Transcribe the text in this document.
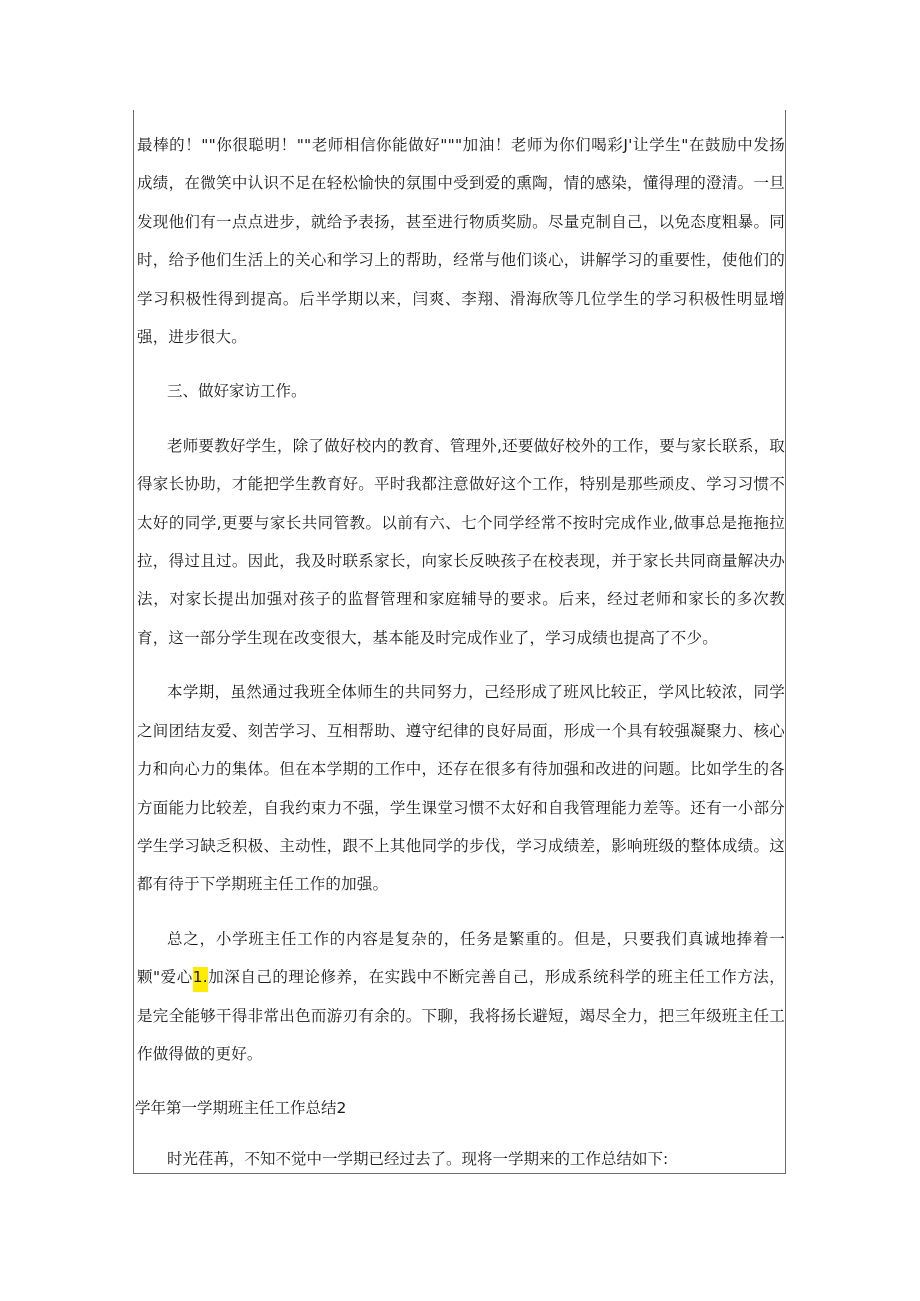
最棒的！""你很聪明！""老师相信你能做好"""加油！老师为你们喝彩J'让学生"在鼓励中发扬成绩，在微笑中认识不足在轻松愉快的氛围中受到爱的熏陶，情的感染，懂得理的澄清。一旦发现他们有一点点进步，就给予表扬，甚至进行物质奖励。尽量克制自己，以免态度粗暴。同时，给予他们生活上的关心和学习上的帮助，经常与他们谈心，讲解学习的重要性，使他们的学习积极性得到提高。后半学期以来，闫爽、李翔、滑海欣等几位学生的学习积极性明显增强，进步很大。

三、做好家访工作。

老师要教好学生，除了做好校内的教育、管理外,还要做好校外的工作，要与家长联系，取得家长协助，才能把学生教育好。平时我都注意做好这个工作，特别是那些顽皮、学习习惯不太好的同学,更要与家长共同管教。以前有六、七个同学经常不按时完成作业,做事总是拖拖拉拉，得过且过。因此，我及时联系家长，向家长反映孩子在校表现，并于家长共同商量解决办法，对家长提出加强对孩子的监督管理和家庭辅导的要求。后来，经过老师和家长的多次教育，这一部分学生现在改变很大，基本能及时完成作业了，学习成绩也提高了不少。

本学期，虽然通过我班全体师生的共同努力，己经形成了班风比较正，学风比较浓，同学之间团结友爱、刻苦学习、互相帮助、遵守纪律的良好局面，形成一个具有较强凝聚力、核心力和向心力的集体。但在本学期的工作中，还存在很多有待加强和改进的问题。比如学生的各方面能力比较差，自我约束力不强，学生课堂习惯不太好和自我管理能力差等。还有一小部分学生学习缺乏积极、主动性，跟不上其他同学的步伐，学习成绩差，影响班级的整体成绩。这都有待于下学期班主任工作的加强。

总之，小学班主任工作的内容是复杂的，任务是繁重的。但是，只要我们真诚地捧着一颗"爱心1.加深自己的理论修养，在实践中不断完善自己，形成系统科学的班主任工作方法，是完全能够干得非常出色而游刃有余的。下聊，我将扬长避短，竭尽全力，把三年级班主任工作做得做的更好。

学年第一学期班主任工作总结2

时光荏苒，不知不觉中一学期已经过去了。现将一学期来的工作总结如下:
